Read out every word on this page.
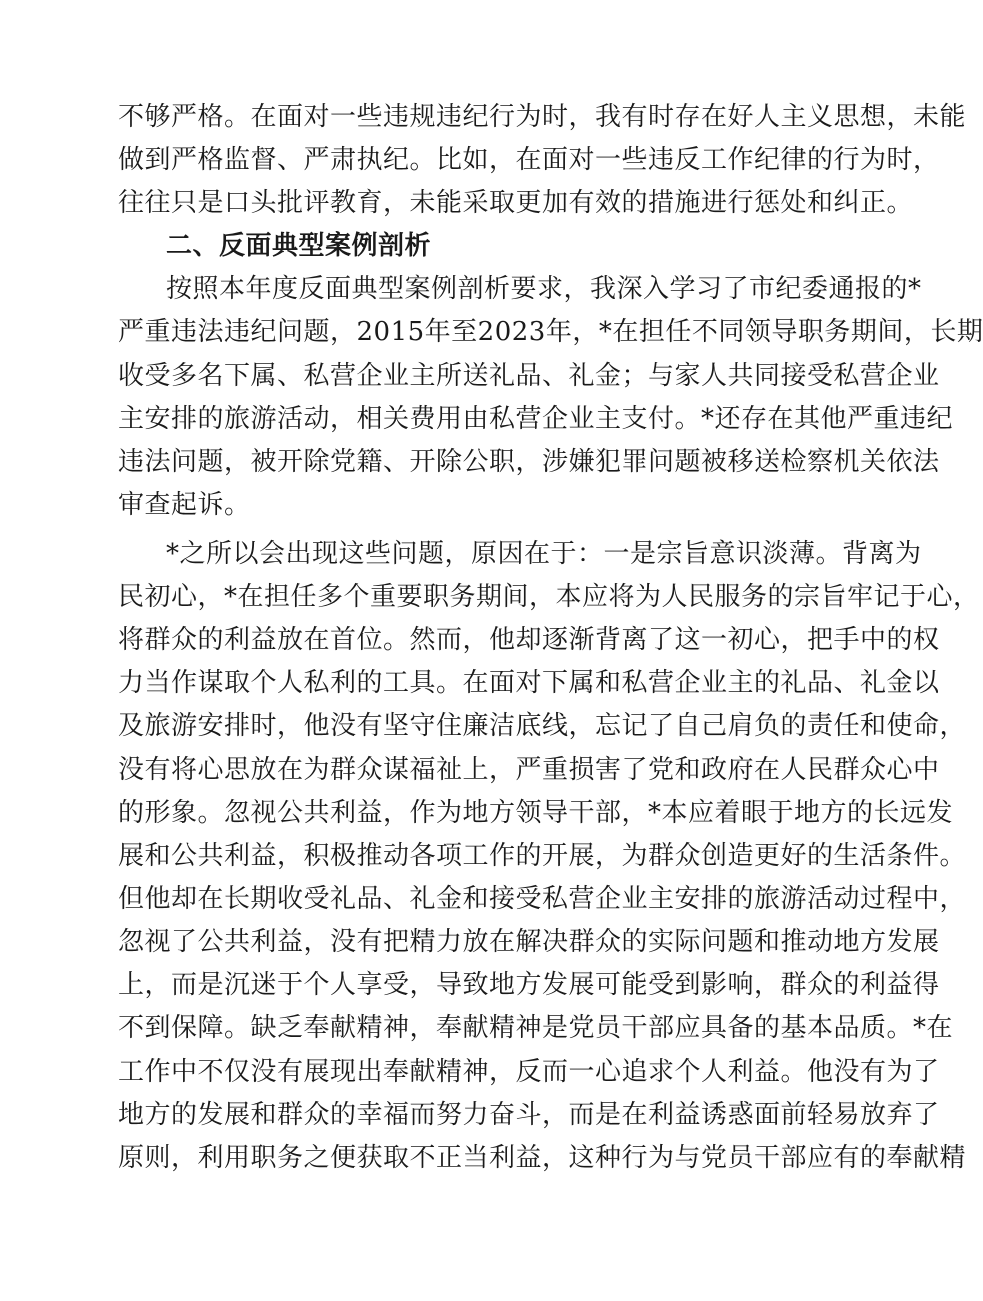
不够严格。在面对一些违规违纪行为时，我有时存在好人主义思想，未能
做到严格监督、严肃执纪。比如，在面对一些违反工作纪律的行为时，
往往只是口头批评教育，未能采取更加有效的措施进行惩处和纠正。
二、反面典型案例剖析
按照本年度反面典型案例剖析要求，我深入学习了市纪委通报的*
严重违法违纪问题，2015年至2023年，*在担任不同领导职务期间，长期
收受多名下属、私营企业主所送礼品、礼金；与家人共同接受私营企业
主安排的旅游活动，相关费用由私营企业主支付。*还存在其他严重违纪
违法问题，被开除党籍、开除公职，涉嫌犯罪问题被移送检察机关依法
审查起诉。
*之所以会出现这些问题，原因在于：一是宗旨意识淡薄。背离为
民初心，*在担任多个重要职务期间，本应将为人民服务的宗旨牢记于心，
将群众的利益放在首位。然而，他却逐渐背离了这一初心，把手中的权
力当作谋取个人私利的工具。在面对下属和私营企业主的礼品、礼金以
及旅游安排时，他没有坚守住廉洁底线，忘记了自己肩负的责任和使命，
没有将心思放在为群众谋福祉上，严重损害了党和政府在人民群众心中
的形象。忽视公共利益，作为地方领导干部，*本应着眼于地方的长远发
展和公共利益，积极推动各项工作的开展，为群众创造更好的生活条件。
但他却在长期收受礼品、礼金和接受私营企业主安排的旅游活动过程中，
忽视了公共利益，没有把精力放在解决群众的实际问题和推动地方发展
上，而是沉迷于个人享受，导致地方发展可能受到影响，群众的利益得
不到保障。缺乏奉献精神，奉献精神是党员干部应具备的基本品质。*在
工作中不仅没有展现出奉献精神，反而一心追求个人利益。他没有为了
地方的发展和群众的幸福而努力奋斗，而是在利益诱惑面前轻易放弃了
原则，利用职务之便获取不正当利益，这种行为与党员干部应有的奉献精
